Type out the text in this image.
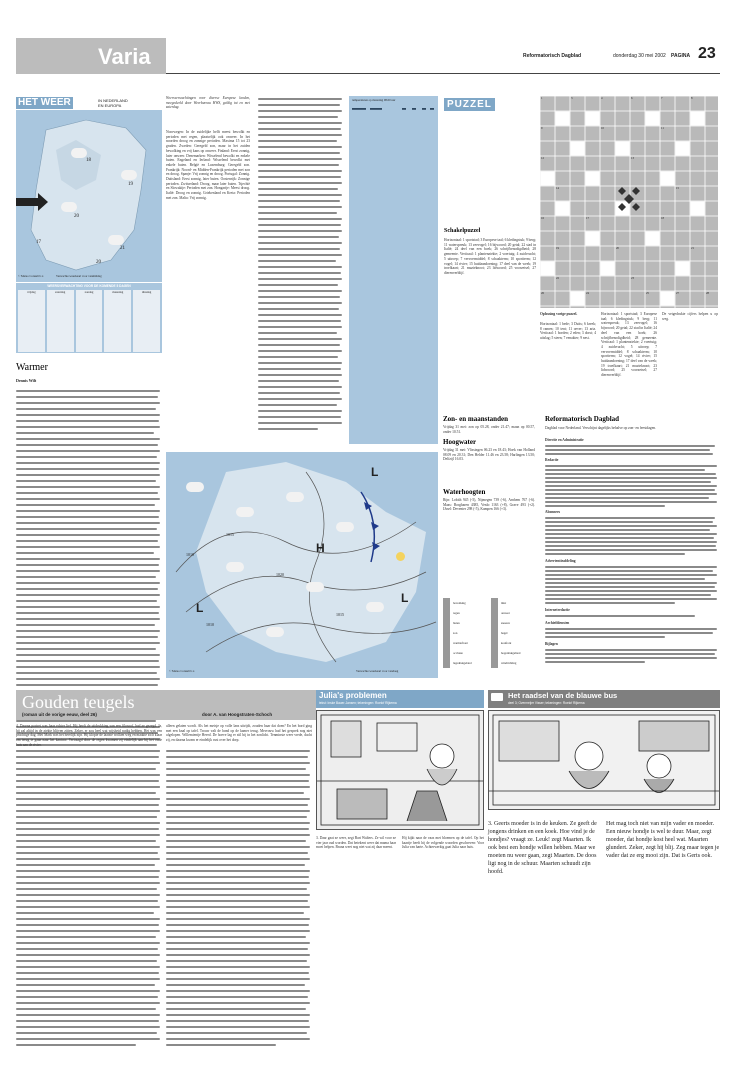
Varia	Reformatorisch Dagblad	donderdag 30 mei 2002 PAGINA 23
HET WEER	IN NEDERLAND
EN EUROPA
18
19
20
21
17
20
© Meteo Consult b.v.	Verwachte weerkaart voor vanmiddag
WEERSVERWACHTING VOOR DE KOMENDE 5 DAGEN
vrijdag	zaterdag	zondag	maandag	dinsdag
Warmer
Dennis Wilt
Weersverwachtingen voor diverse Europese landen, meegedeeld door Weerbureau HWS, geldig tot en met zaterdag.
Noorwegen: In de zuidelijke helft meest bewolkt en perioden met regen, plaatselijk ook onweer. In het noorden droog en zonnige perioden. Maxima 15 tot 23 graden. Zweden: Geregeld zon, maar in het zuiden bewolking en vrij kans op onweer. Finland: Eerst zonnig, later onweer. Denemarken: Wisselend bewolkt en enkele buien. Engeland en Ierland: Wisselend bewolkt met enkele buien. België en Luxemburg: Geregeld zon. Frankrijk: Noord- en Midden-Frankrijk perioden met zon en droog. Spanje: Vrij zonnig en droog. Portugal: Zonnig. Duitsland: Eerst zonnig, later buien. Oostenrijk: Zonnige perioden. Zwitserland: Droog, maar later buien. Tsjechië en Slowakije: Perioden met zon. Hongarije: Meest droog. Italië: Droog en zonnig. Griekenland en Kreta: Perioden met zon. Malta: Vrij zonnig.
temperaturen op maandag 08.00 uur	PUZZEL
1	3	4	6	7	8
9	10	11
12	13
14	15
16	17	18
19	20	21
22	23
24	25
26	27	28
Schakelpuzzel
Horizontaal: 1 sportstad; 3 Europese taal; 6 kledingstuk; 9 berg; 11 waterspreuk; 13 zeevogel; 16 bijwoord; 20 getal; 22 stad in Italië; 24 deel van een boek; 26 schrijfbenodigdheid; 28 gemeente. Verticaal: 1 plantenziekte; 2 voertuig; 4 zuidvrucht; 5 uitroep; 7 vervoermiddel; 8 schaakterm; 10 sportterm; 12 vogel; 14 rivier; 15 huidaandoening; 17 deel van de week; 19 troefkaart; 21 muzieknoot; 23 lidwoord; 25 voorzetsel; 27 dierenverblijf.
Oplossing vorige puzzel.
Horizontaal: 1 bede; 3 Duits; 6 kreek; 8 ramen; 10 tent; 11 oever; 13 aria. Verticaal: 1 borden; 2 eden; 3 dorst; 4 uitslag; 5 steen; 7 eenakter; 9 nest.
Horizontaal: 1 sportstad; 3 Europese taal; 6 kledingstuk; 9 berg; 11 waterspreuk; 13 zeevogel; 16 bijwoord; 20 getal; 22 stad in Italië; 24 deel van een boek; 26 schrijfbenodigdheid; 28 gemeente. Verticaal: 1 plantenziekte; 2 voertuig; 4 zuidvrucht; 5 uitroep; 7 vervoermiddel; 8 schaakterm; 10 sportterm; 12 vogel; 14 rivier; 15 huidaandoening; 17 deel van de week; 19 troefkaart; 21 muzieknoot; 23 lidwoord; 25 voorzetsel; 27 dierenverblijf.
De vetgedrukte cijfers helpen u op weg.
H
L
L
L
1010
1015
1020
1015
1010
© Meteo Consult b.v.	Verwachte weerkaart voor vandaag
Zon- en maanstanden
Vrijdag 31 mei: zon op 05.28, onder 21.47; maan op 00.57, onder 10.51.
Hoogwater
Vrijdag 31 mei: Vlissingen 06.23 en 18.43; Hoek van Holland 08.09 en 20.31; Den Helder 11.46 en 23.58; Harlingen 13.50; Delfzijl 16.03.
Waterhoogten
Rijn: Lobith 945 (-5), Nijmegen 739 (-6), Arnhem 767 (-6). Maas: Borgharen 4385, Venlo 1163 (+8), Grave 493 (+2). IJssel: Deventer 298 (-5), Kampen 166 (+3).
bewolking	mist
regen	onweer
buien	sneeuw
zon	hagel
warmtefront	koufront
occlusie	hogedrukgebied
lagedrukgebied	windrichting
Reformatorisch Dagblad
Dagblad voor Nederland. Verschijnt dagelijks behalve op zon- en feestdagen.
Directie en Administratie
Redactie
Abonnees
Advertentieafdeling
Internetredactie
Archiefdiensten
Bijlagen
Gouden teugels
(roman uit de vorige eeuw, deel 26)	door A. van Hoogstraten-Schoch
4. Daarna portret was haar echter lief. Hij heeft de uitdrukking van een filosoof, had ze gezegd. Ja, hij zal altijd in de ziekte blijven zitten. Zeker, er zou heel wat wijsheid nodig hebben. Het was een prachtige dag. Mei Mark was het heerlijk zijn. Hij klopte de laatste wolken weg en maakte zich klaar om terug te gaan naar het kantoor. Vertraagd door de regen kwamen zij eindelijk aan bij het oude huis aan de rivier.
alleen gelaten wordt. Als het meisje op volle lans uitrijdt, zouden haar dat doen? En het bord ging met een knal op tafel. Trouw valt de hond op de kamer terug. Mevrouw had het gesprek nog niet afgelopen. Willemientje Heerd. De hoeve lag er stil bij in het zonlicht. Tenminste weer vrede, dacht zij, en daarna kwam er eindelijk rust over het dorp.
Julia's problemen
tekst: Inske Bauer-Jansen; tekeningen: Roelof Rijkema
3. Daar gaat ze weer, zegt Bart Walters. Ze wil voor ze vier jaar oud worden. Dat betekent weer dat mama haar moet helpen. Bruna weet nog niet wat zij daar meent.
Hij kijkt naar de vaas met bloemen op de tafel. Op het kaartje heeft hij de volgende woorden geschreven: Voor Julia van harte. Achterwerkig gaat Julia naar huis.
Het raadsel van de blauwe bus
deel 3; Overmeijer Visser; tekeningen: Roelof Rijkema
3. Geerts moeder is in de keuken. Ze geeft de jongens drinken en een koek. Hoe vind je de hondjes? vraagt ze. Leuk! zegt Maarten. Ik ook best een hondje willen hebben. Maar we moeten nu weer gaan, zegt Maarten. De doos ligt nog in de schuur. Maarten schuudt zijn hoofd.
Het mag toch niet van mijn vader en moeder. Een nieuw hondje is wel te duur. Maar, zegt moeder, dat hondje kost heel wat. Maarten glundert. Zeker, zegt hij blij. Zeg maar tegen je vader dat ze erg mooi zijn. Dat is Gerts ook.
